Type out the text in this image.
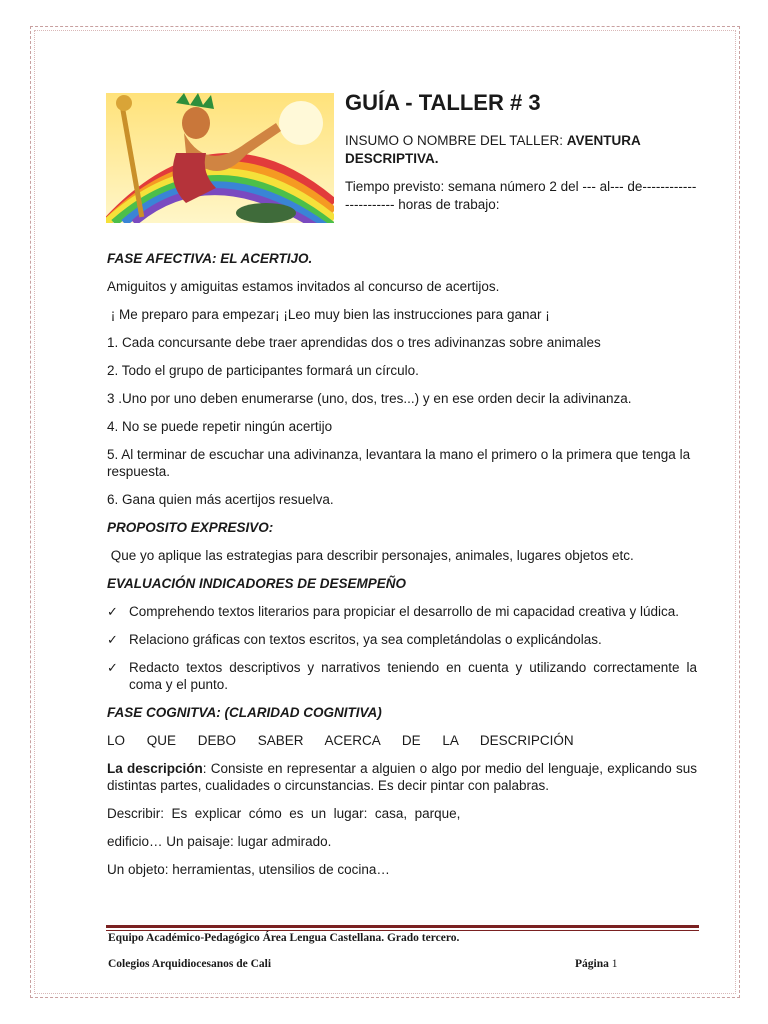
GUÍA - TALLER # 3
INSUMO O NOMBRE DEL TALLER: AVENTURA DESCRIPTIVA.
Tiempo previsto: semana número 2 del --- al--- de----------------------- horas de trabajo:
FASE AFECTIVA: EL ACERTIJO.

Amiguitos y amiguitas estamos invitados al concurso de acertijos.

¡ Me preparo para empezar¡ ¡Leo muy bien las instrucciones para ganar ¡

1. Cada concursante debe traer aprendidas dos o tres adivinanzas sobre animales

2. Todo el grupo de participantes formará un círculo.

3 .Uno por uno deben enumerarse (uno, dos, tres...) y en ese orden decir la adivinanza.

4. No se puede repetir ningún acertijo

5. Al terminar de escuchar una adivinanza, levantara la mano el primero o la primera que tenga la respuesta.

6. Gana quien más acertijos resuelva.

PROPOSITO EXPRESIVO:

Que yo aplique las estrategias para describir personajes, animales, lugares objetos etc.

EVALUACIÓN INDICADORES DE DESEMPEÑO
✓ Comprehendo textos literarios para propiciar el desarrollo de mi capacidad creativa y lúdica.
✓ Relaciono gráficas con textos escritos, ya sea completándolas o explicándolas.
✓ Redacto textos descriptivos y narrativos teniendo en cuenta y utilizando correctamente la coma y el punto.
FASE COGNITVA: (CLARIDAD COGNITIVA)

LO QUE DEBO SABER ACERCA DE LA DESCRIPCIÓN

La descripción: Consiste en representar a alguien o algo por medio del lenguaje, explicando sus distintas partes, cualidades o circunstancias. Es decir pintar con palabras.

Describir:  Es  explicar  cómo  es  un  lugar:  casa,  parque,

edificio… Un paisaje: lugar admirado.

Un objeto: herramientas, utensilios de cocina…

Equipo Académico-Pedagógico Área Lengua Castellana. Grado tercero.
Colegios Arquidiocesanos de Cali	Página 1
